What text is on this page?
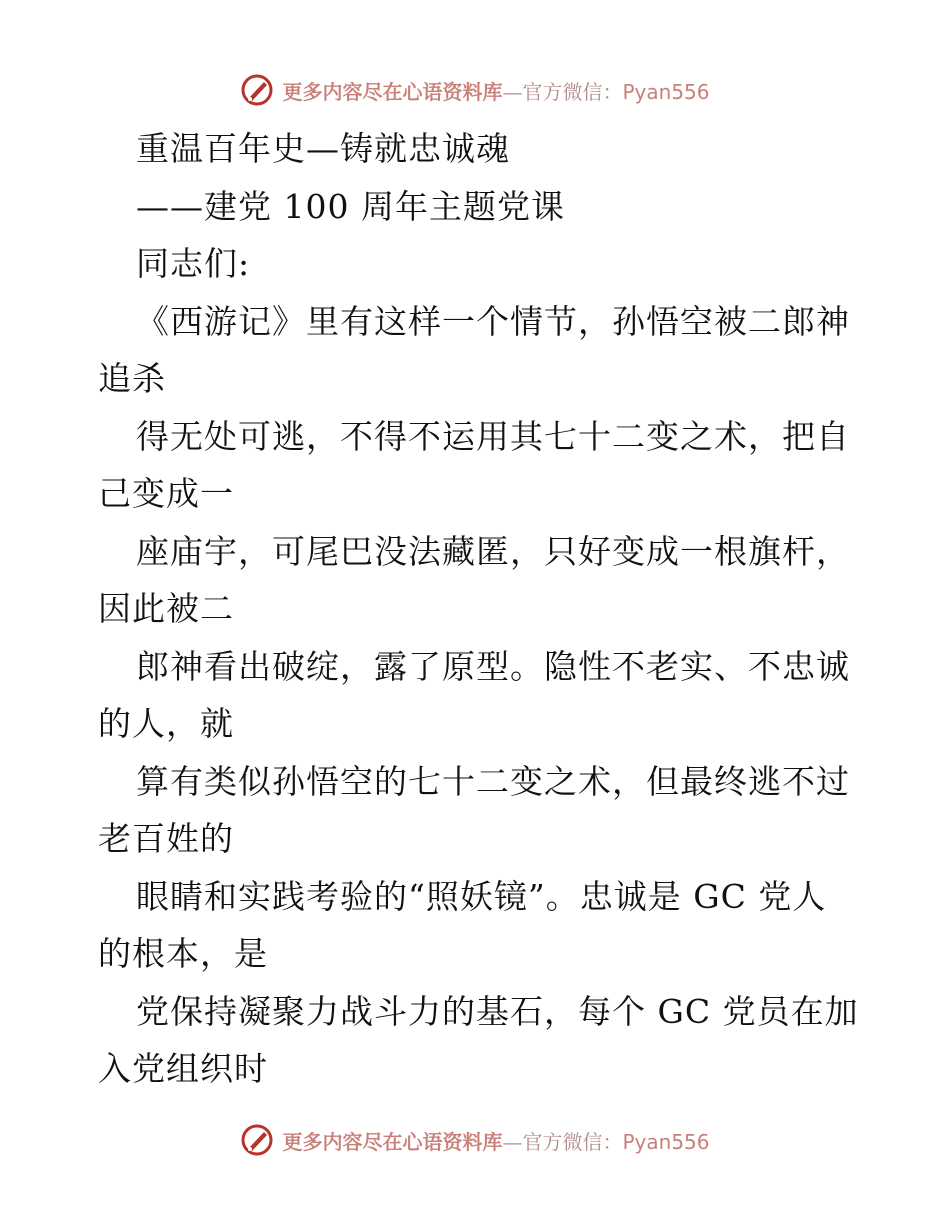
更多内容尽在心语资料库—官方微信：Pyan556
重温百年史—铸就忠诚魂
——建党 100 周年主题党课
同志们:
《西游记》里有这样一个情节，孙悟空被二郎神
追杀
得无处可逃，不得不运用其七十二变之术，把自
己变成一
座庙宇，可尾巴没法藏匿，只好变成一根旗杆，
因此被二
郎神看出破绽，露了原型。隐性不老实、不忠诚
的人，就
算有类似孙悟空的七十二变之术，但最终逃不过
老百姓的
眼睛和实践考验的“照妖镜”。忠诚是 GC 党人
的根本，是
党保持凝聚力战斗力的基石，每个 GC 党员在加
入党组织时
更多内容尽在心语资料库—官方微信：Pyan556
